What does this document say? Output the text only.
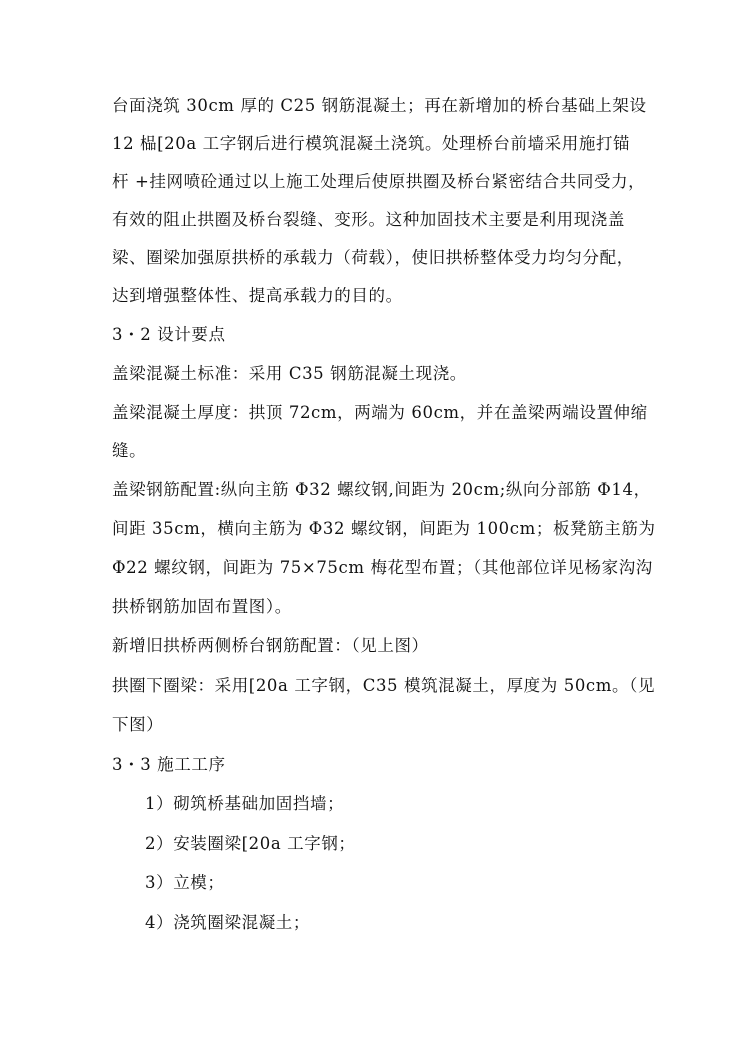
台面浇筑 30cm 厚的 C25 钢筋混凝土；再在新增加的桥台基础上架设
12 榀[20a 工字钢后进行模筑混凝土浇筑。处理桥台前墙采用施打锚
杆 +挂网喷砼通过以上施工处理后使原拱圈及桥台紧密结合共同受力，
有效的阻止拱圈及桥台裂缝、变形。这种加固技术主要是利用现浇盖
梁、圈梁加强原拱桥的承载力（荷载），使旧拱桥整体受力均匀分配，
达到增强整体性、提高承载力的目的。
3・2 设计要点
盖梁混凝土标准：采用 C35 钢筋混凝土现浇。
盖梁混凝土厚度：拱顶 72cm，两端为 60cm，并在盖梁两端设置伸缩
缝。
盖梁钢筋配置:纵向主筋 Φ32 螺纹钢,间距为 20cm;纵向分部筋 Φ14，
间距 35cm，横向主筋为 Φ32 螺纹钢，间距为 100cm；板凳筋主筋为
Φ22 螺纹钢，间距为 75×75cm 梅花型布置；（其他部位详见杨家沟沟
拱桥钢筋加固布置图）。
新增旧拱桥两侧桥台钢筋配置：（见上图）
拱圈下圈梁：采用[20a 工字钢，C35 模筑混凝土，厚度为 50cm。（见
下图）
3・3 施工工序
1）砌筑桥基础加固挡墙；
2）安装圈梁[20a 工字钢；
3）立模；
4）浇筑圈梁混凝土；
